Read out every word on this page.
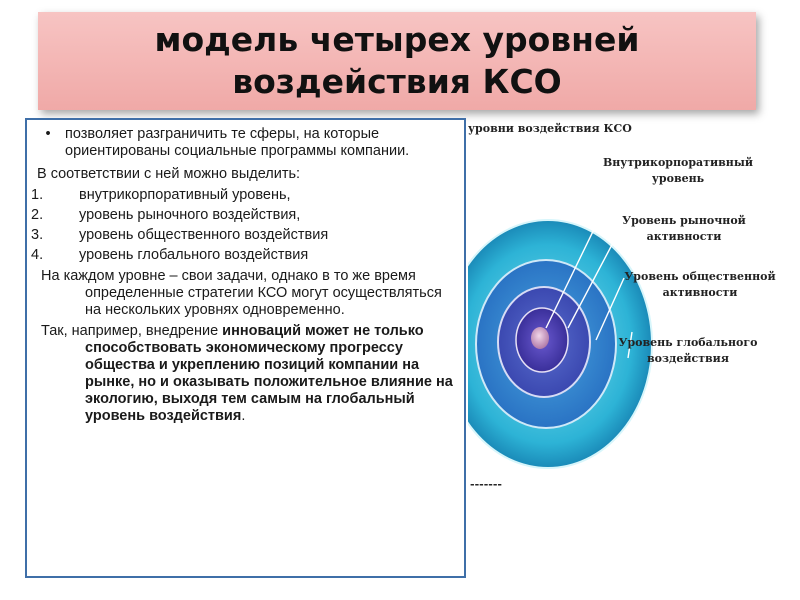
модель четырех уровней
воздействия КСО
уровни воздействия КСО
Внутрикорпоративный
уровень
Уровень рыночной
активности
Уровень общественной
активности
Уровень глобального
воздействия
-------
• позволяет разграничить те сферы, на которые ориентированы социальные программы компании.
В соответствии с ней можно выделить:
1.	внутрикорпоративный уровень,
2.	уровень рыночного воздействия,
3.	уровень общественного воздействия
4.	уровень глобального воздействия
На каждом уровне – свои задачи, однако в то же время определенные стратегии КСО могут осуществляться на нескольких уровнях одновременно.
Так, например, внедрение инноваций может не только способствовать экономическому прогрессу общества и укреплению позиций компании на рынке, но и оказывать положительное влияние на экологию, выходя тем самым на глобальный уровень воздействия.
